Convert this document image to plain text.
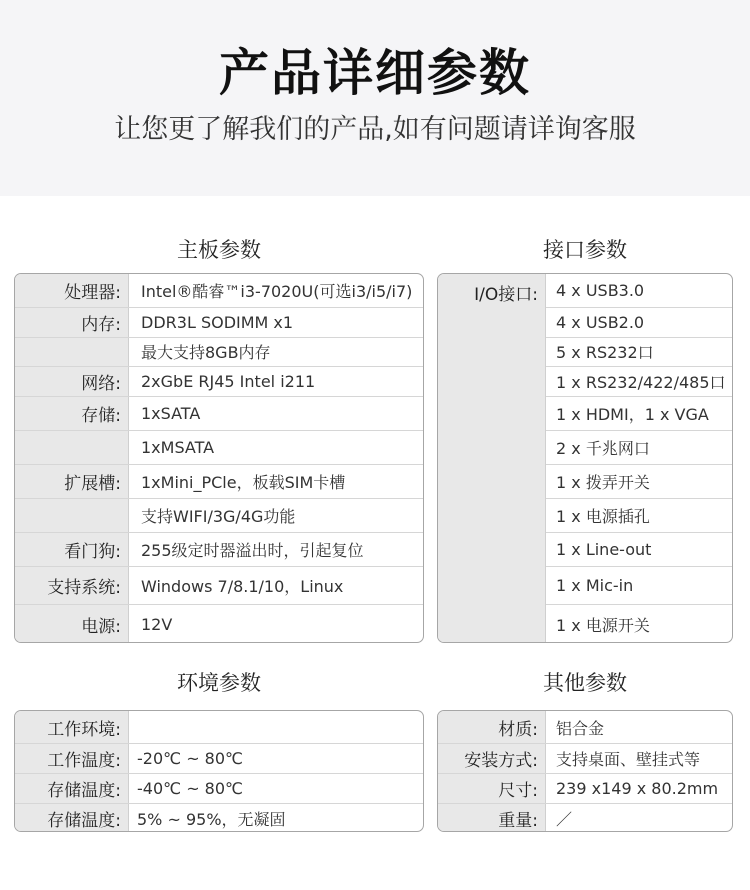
产品详细参数
让您更了解我们的产品,如有问题请详询客服
主板参数
处理器:	Intel®酷睿™i3-7020U(可选i3/i5/i7)
内存:	DDR3L SODIMM x1
最大支持8GB内存
网络:	2xGbE RJ45 Intel i211
存储:	1xSATA
1xMSATA
扩展槽:	1xMini_PCle，板载SIM卡槽
支持WIFI/3G/4G功能
看门狗:	255级定时器溢出时，引起复位
支持系统:	Windows 7/8.1/10，Linux
电源:	12V
接口参数
I/O接口:	4 x USB3.0
4 x USB2.0
5 x RS232口
1 x RS232/422/485口
1 x HDMI，1 x VGA
2 x 千兆网口
1 x 拨弄开关
1 x 电源插孔
1 x Line-out
1 x Mic-in
1 x 电源开关
环境参数
工作环境:
工作温度:	-20℃ ~ 80℃
存储温度:	-40℃ ~ 80℃
存储温度:	5% ~ 95%，无凝固
其他参数
材质:	铝合金
安装方式:	支持桌面、壁挂式等
尺寸:	239 x149 x 80.2mm
重量:	／
